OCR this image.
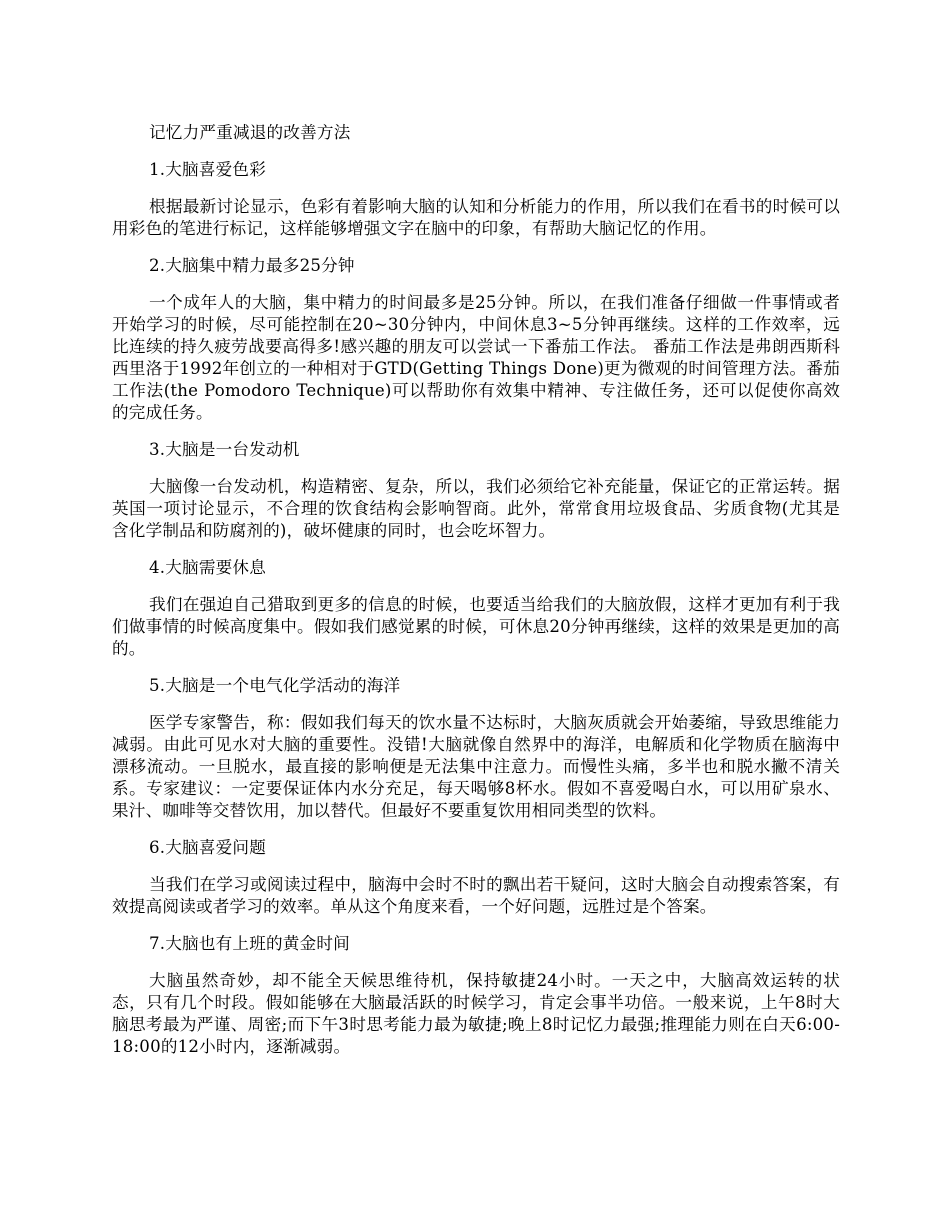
记忆力严重减退的改善方法

1.大脑喜爱色彩

根据最新讨论显示，色彩有着影响大脑的认知和分析能力的作用，所以我们在看书的时候可以用彩色的笔进行标记，这样能够增强文字在脑中的印象，有帮助大脑记忆的作用。

2.大脑集中精力最多25分钟

一个成年人的大脑，集中精力的时间最多是25分钟。所以，在我们准备仔细做一件事情或者开始学习的时候，尽可能控制在20~30分钟内，中间休息3~5分钟再继续。这样的工作效率，远比连续的持久疲劳战要高得多!感兴趣的朋友可以尝试一下番茄工作法。 番茄工作法是弗朗西斯科西里洛于1992年创立的一种相对于GTD(Getting Things Done)更为微观的时间管理方法。番茄工作法(the Pomodoro Technique)可以帮助你有效集中精神、专注做任务，还可以促使你高效的完成任务。

3.大脑是一台发动机

大脑像一台发动机，构造精密、复杂，所以，我们必须给它补充能量，保证它的正常运转。据英国一项讨论显示，不合理的饮食结构会影响智商。此外，常常食用垃圾食品、劣质食物(尤其是含化学制品和防腐剂的)，破坏健康的同时，也会吃坏智力。

4.大脑需要休息

我们在强迫自己猎取到更多的信息的时候，也要适当给我们的大脑放假，这样才更加有利于我们做事情的时候高度集中。假如我们感觉累的时候，可休息20分钟再继续，这样的效果是更加的高的。

5.大脑是一个电气化学活动的海洋

医学专家警告，称：假如我们每天的饮水量不达标时，大脑灰质就会开始萎缩，导致思维能力减弱。由此可见水对大脑的重要性。没错!大脑就像自然界中的海洋，电解质和化学物质在脑海中漂移流动。一旦脱水，最直接的影响便是无法集中注意力。而慢性头痛，多半也和脱水撇不清关系。专家建议：一定要保证体内水分充足，每天喝够8杯水。假如不喜爱喝白水，可以用矿泉水、果汁、咖啡等交替饮用，加以替代。但最好不要重复饮用相同类型的饮料。

6.大脑喜爱问题

当我们在学习或阅读过程中，脑海中会时不时的飘出若干疑问，这时大脑会自动搜索答案，有效提高阅读或者学习的效率。单从这个角度来看，一个好问题，远胜过是个答案。

7.大脑也有上班的黄金时间

大脑虽然奇妙，却不能全天候思维待机，保持敏捷24小时。一天之中，大脑高效运转的状态，只有几个时段。假如能够在大脑最活跃的时候学习，肯定会事半功倍。一般来说，上午8时大脑思考最为严谨、周密;而下午3时思考能力最为敏捷;晚上8时记忆力最强;推理能力则在白天6:00-18:00的12小时内，逐渐减弱。
